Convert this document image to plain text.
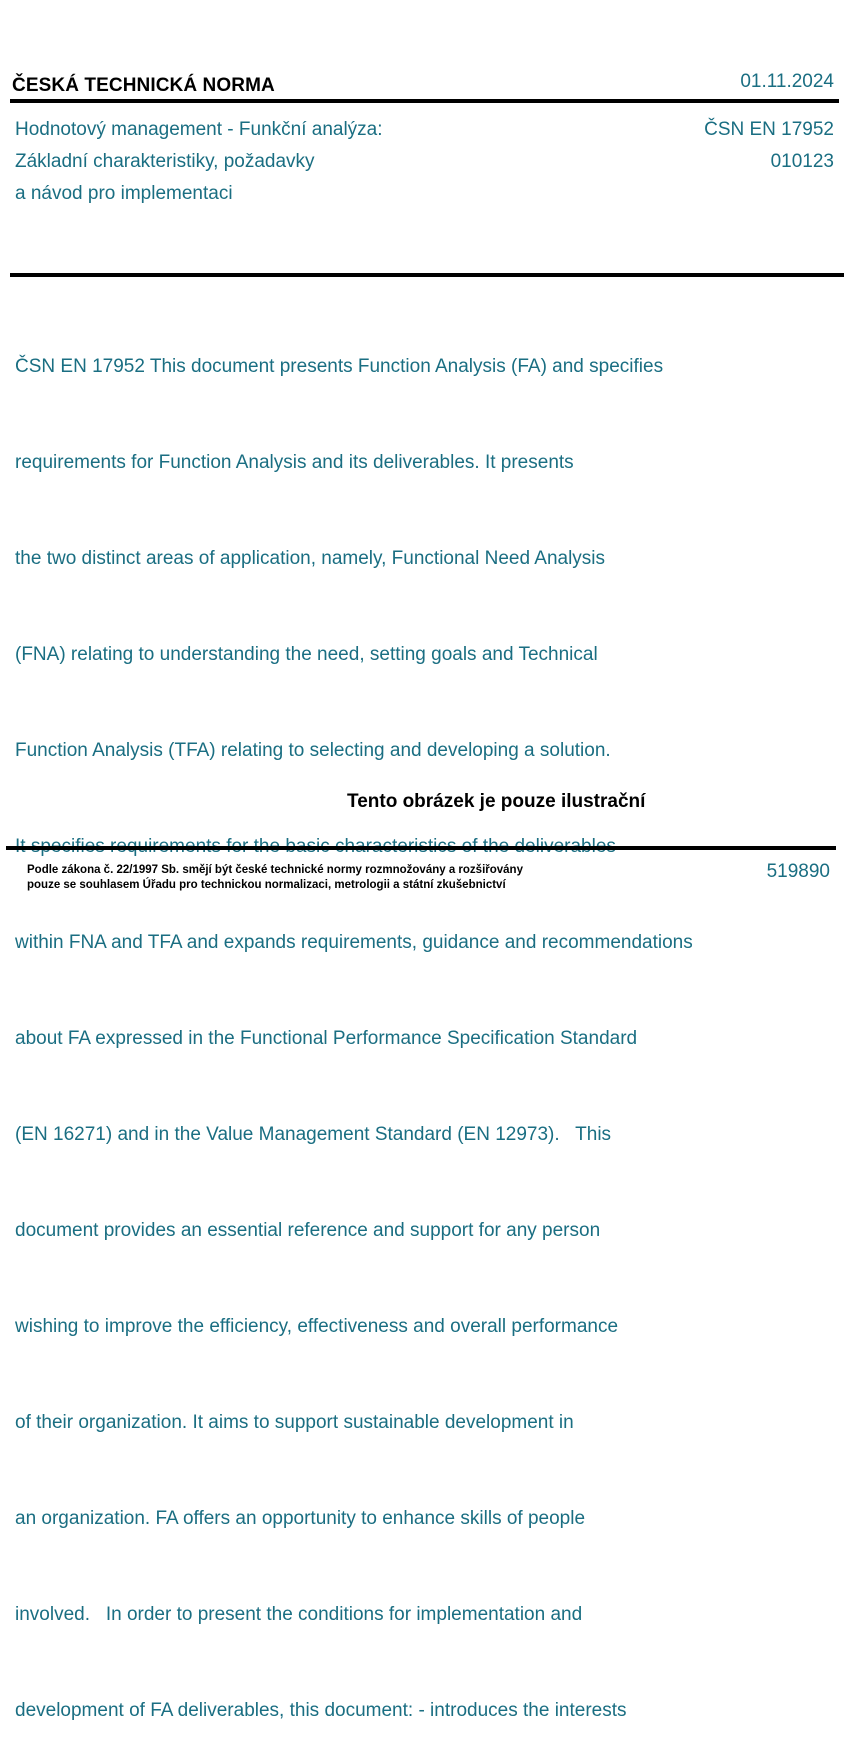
ČESKÁ TECHNICKÁ NORMA	01.11.2024
Hodnotový management - Funkční analýza:
Základní charakteristiky, požadavky
a návod pro implementaci
ČSN EN 17952
010123

ČSN EN 17952 This document presents Function Analysis (FA) and specifies

requirements for Function Analysis and its deliverables. It presents

the two distinct areas of application, namely, Functional Need Analysis

(FNA) relating to understanding the need, setting goals and Technical

Function Analysis (TFA) relating to selecting and developing a solution.

within FNA and TFA and expands requirements, guidance and recommendations

about FA expressed in the Functional Performance Specification Standard

(EN 16271) and in the Value Management Standard (EN 12973).   This

document provides an essential reference and support for any person

wishing to improve the efficiency, effectiveness and overall performance

of their organization. It aims to support sustainable development in

an organization. FA offers an opportunity to enhance skills of people

involved.   In order to present the conditions for implementation and

development of FA deliverables, this document: - introduces the interests

Tento obrázek je pouze ilustrační
Podle zákona č. 22/1997 Sb. smějí být české technické normy rozmnožovány a rozšiřovány
pouze se souhlasem Úřadu pro technickou normalizaci, metrologii a státní zkušebnictví
519890
